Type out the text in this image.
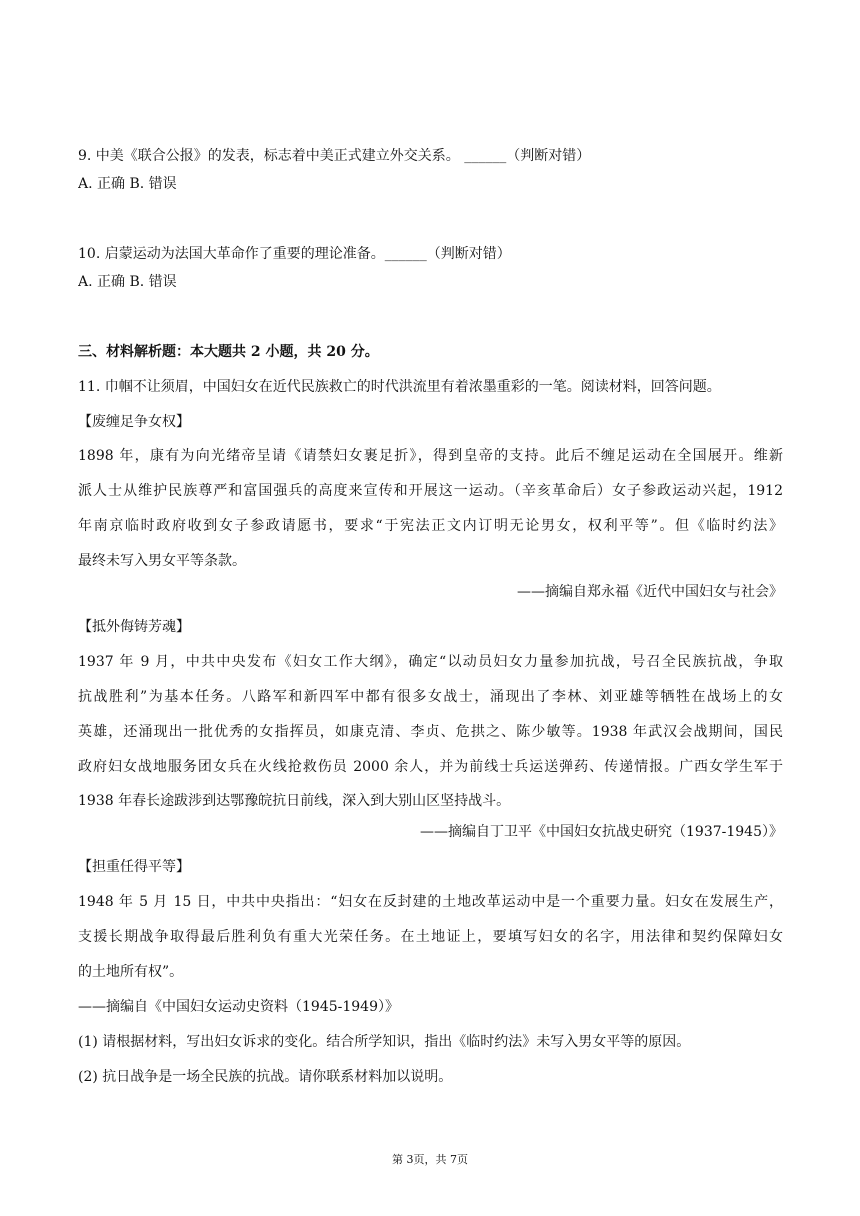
9. 中美《联合公报》的发表，标志着中美正式建立外交关系。 ______（判断对错）
A. 正确 B. 错误
10. 启蒙运动为法国大革命作了重要的理论准备。______（判断对错）
A. 正确 B. 错误
三、材料解析题：本大题共 2 小题，共 20 分。
11. 巾帼不让须眉，中国妇女在近代民族救亡的时代洪流里有着浓墨重彩的一笔。阅读材料，回答问题。
【废缠足争女权】
1898 年，康有为向光绪帝呈请《请禁妇女裹足折》，得到皇帝的支持。此后不缠足运动在全国展开。维新
派人士从维护民族尊严和富国强兵的高度来宣传和开展这一运动。（辛亥革命后）女子参政运动兴起，1912
年南京临时政府收到女子参政请愿书，要求“于宪法正文内订明无论男女，权利平等”。但《临时约法》
最终未写入男女平等条款。
——摘编自郑永福《近代中国妇女与社会》
【抵外侮铸芳魂】
1937 年 9 月，中共中央发布《妇女工作大纲》，确定“以动员妇女力量参加抗战，号召全民族抗战，争取
抗战胜利”为基本任务。八路军和新四军中都有很多女战士，涌现出了李林、刘亚雄等牺牲在战场上的女
英雄，还涌现出一批优秀的女指挥员，如康克清、李贞、危拱之、陈少敏等。1938 年武汉会战期间，国民
政府妇女战地服务团女兵在火线抢救伤员 2000 余人，并为前线士兵运送弹药、传递情报。广西女学生军于
1938 年春长途跋涉到达鄂豫皖抗日前线，深入到大别山区坚持战斗。
——摘编自丁卫平《中国妇女抗战史研究（1937-1945）》
【担重任得平等】
1948 年 5 月 15 日，中共中央指出：“妇女在反封建的土地改革运动中是一个重要力量。妇女在发展生产，
支援长期战争取得最后胜利负有重大光荣任务。在土地证上，要填写妇女的名字，用法律和契约保障妇女
的土地所有权”。
——摘编自《中国妇女运动史资料（1945-1949）》
(1) 请根据材料，写出妇女诉求的变化。结合所学知识，指出《临时约法》未写入男女平等的原因。
(2) 抗日战争是一场全民族的抗战。请你联系材料加以说明。
第 3页，共 7页
